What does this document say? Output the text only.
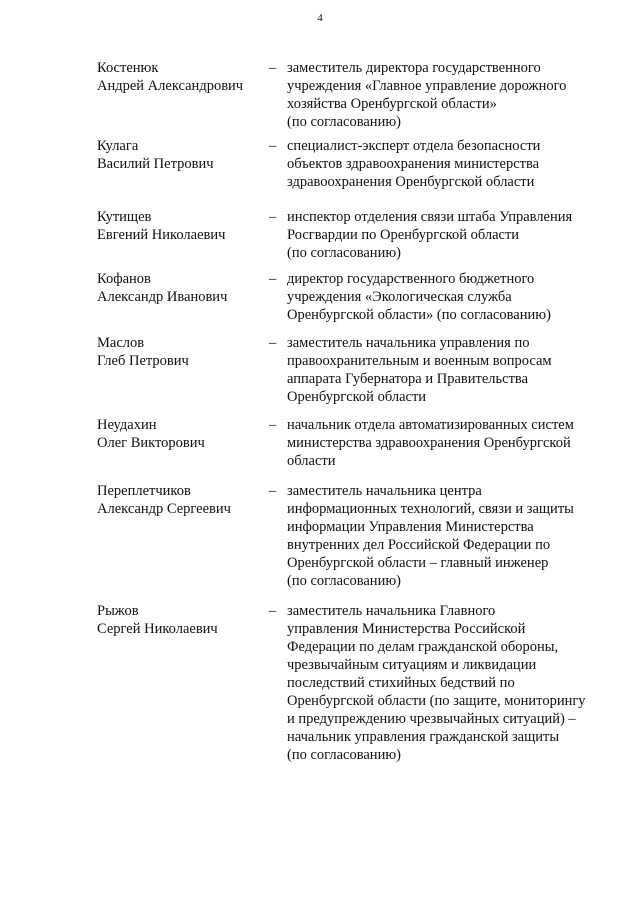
4
Костенюк
Андрей Александрович
– заместитель директора государственного
учреждения «Главное управление дорожного
хозяйства Оренбургской области»
(по согласованию)
Кулага
Василий Петрович
– специалист-эксперт отдела безопасности
объектов здравоохранения министерства
здравоохранения Оренбургской области
Кутищев
Евгений Николаевич
– инспектор отделения связи штаба Управления
Росгвардии по Оренбургской области
(по согласованию)
Кофанов
Александр Иванович
– директор государственного бюджетного
учреждения «Экологическая служба
Оренбургской области» (по согласованию)
Маслов
Глеб Петрович
– заместитель начальника управления по
правоохранительным и военным вопросам
аппарата Губернатора и Правительства
Оренбургской области
Неудахин
Олег Викторович
– начальник отдела автоматизированных систем
министерства здравоохранения Оренбургской
области
Переплетчиков
Александр Сергеевич
– заместитель начальника центра
информационных технологий, связи и защиты
информации Управления Министерства
внутренних дел Российской Федерации по
Оренбургской области – главный инженер
(по согласованию)
Рыжов
Сергей Николаевич
– заместитель начальника Главного
управления Министерства Российской
Федерации по делам гражданской обороны,
чрезвычайным ситуациям и ликвидации
последствий стихийных бедствий по
Оренбургской области (по защите, мониторингу
и предупреждению чрезвычайных ситуаций) –
начальник управления гражданской защиты
(по согласованию)
